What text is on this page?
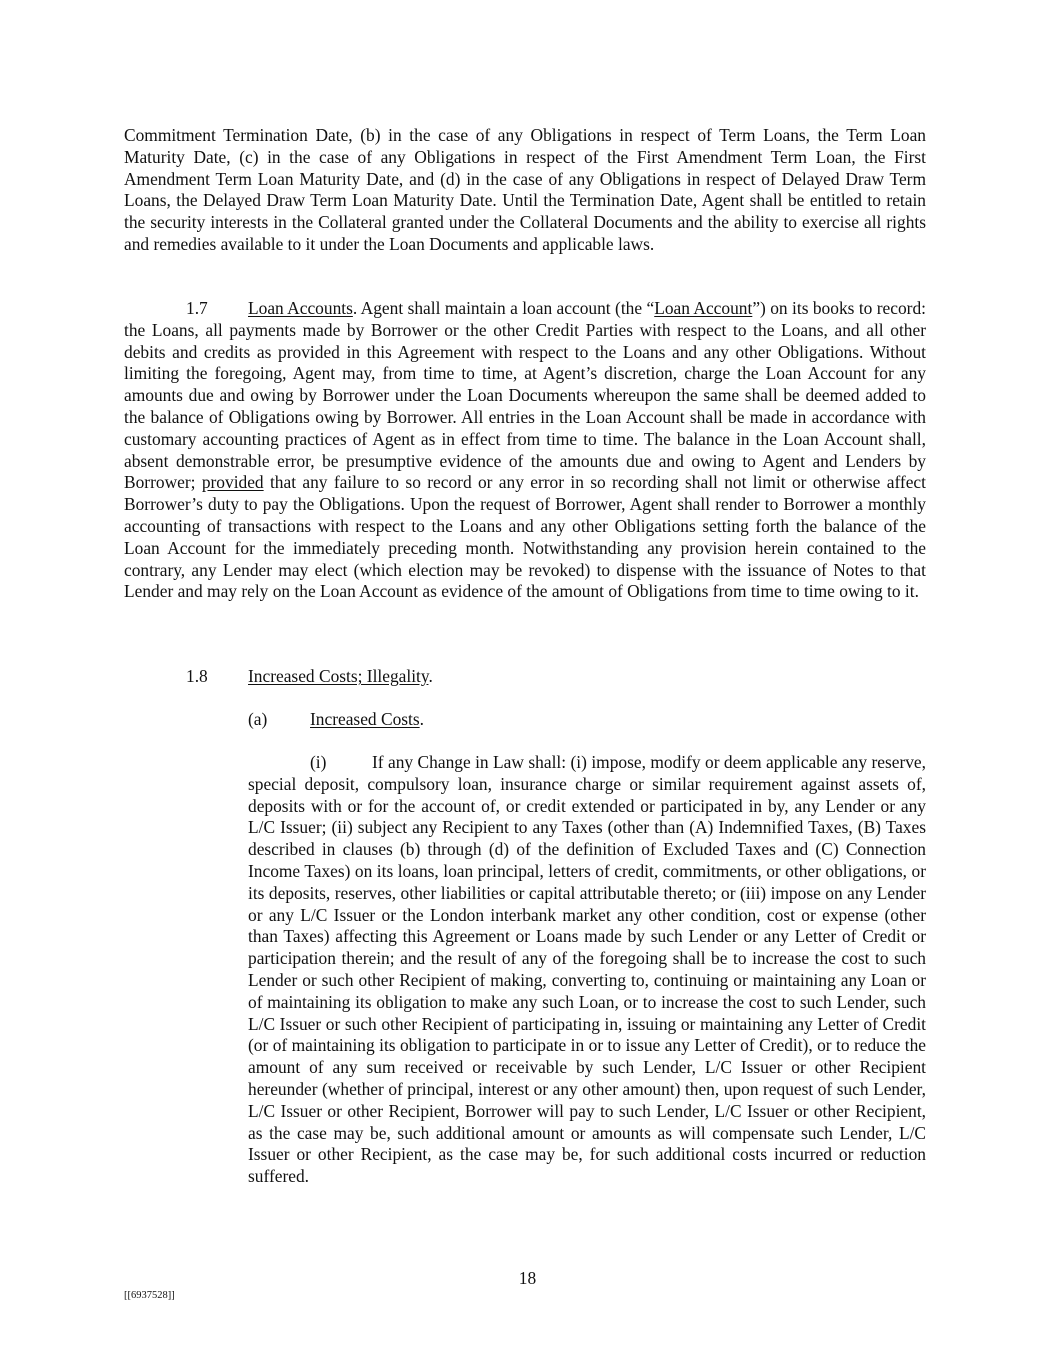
Commitment Termination Date, (b) in the case of any Obligations in respect of Term Loans, the Term Loan Maturity Date, (c) in the case of any Obligations in respect of the First Amendment Term Loan, the First Amendment Term Loan Maturity Date, and (d) in the case of any Obligations in respect of Delayed Draw Term Loans, the Delayed Draw Term Loan Maturity Date. Until the Termination Date, Agent shall be entitled to retain the security interests in the Collateral granted under the Collateral Documents and the ability to exercise all rights and remedies available to it under the Loan Documents and applicable laws.

1.7 Loan Accounts. Agent shall maintain a loan account (the “Loan Account”) on its books to record: the Loans, all payments made by Borrower or the other Credit Parties with respect to the Loans, and all other debits and credits as provided in this Agreement with respect to the Loans and any other Obligations. Without limiting the foregoing, Agent may, from time to time, at Agent’s discretion, charge the Loan Account for any amounts due and owing by Borrower under the Loan Documents whereupon the same shall be deemed added to the balance of Obligations owing by Borrower. All entries in the Loan Account shall be made in accordance with customary accounting practices of Agent as in effect from time to time. The balance in the Loan Account shall, absent demonstrable error, be presumptive evidence of the amounts due and owing to Agent and Lenders by Borrower; provided that any failure to so record or any error in so recording shall not limit or otherwise affect Borrower’s duty to pay the Obligations. Upon the request of Borrower, Agent shall render to Borrower a monthly accounting of transactions with respect to the Loans and any other Obligations setting forth the balance of the Loan Account for the immediately preceding month. Notwithstanding any provision herein contained to the contrary, any Lender may elect (which election may be revoked) to dispense with the issuance of Notes to that Lender and may rely on the Loan Account as evidence of the amount of Obligations from time to time owing to it.

1.8 Increased Costs; Illegality.

(a) Increased Costs.

(i)	If any Change in Law shall: (i) impose, modify or deem applicable any reserve, special deposit, compulsory loan, insurance charge or similar requirement against assets of, deposits with or for the account of, or credit extended or participated in by, any Lender or any L/C Issuer; (ii) subject any Recipient to any Taxes (other than (A) Indemnified Taxes, (B) Taxes described in clauses (b) through (d) of the definition of Excluded Taxes and (C) Connection Income Taxes) on its loans, loan principal, letters of credit, commitments, or other obligations, or its deposits, reserves, other liabilities or capital attributable thereto; or (iii) impose on any Lender or any L/C Issuer or the London interbank market any other condition, cost or expense (other than Taxes) affecting this Agreement or Loans made by such Lender or any Letter of Credit or participation therein; and the result of any of the foregoing shall be to increase the cost to such Lender or such other Recipient of making, converting to, continuing or maintaining any Loan or of maintaining its obligation to make any such Loan, or to increase the cost to such Lender, such L/C Issuer or such other Recipient of participating in, issuing or maintaining any Letter of Credit (or of maintaining its obligation to participate in or to issue any Letter of Credit), or to reduce the amount of any sum received or receivable by such Lender, L/C Issuer or other Recipient hereunder (whether of principal, interest or any other amount) then, upon request of such Lender, L/C Issuer or other Recipient, Borrower will pay to such Lender, L/C Issuer or other Recipient, as the case may be, such additional amount or amounts as will compensate such Lender, L/C Issuer or other Recipient, as the case may be, for such additional costs incurred or reduction suffered.

18
[[6937528]]
